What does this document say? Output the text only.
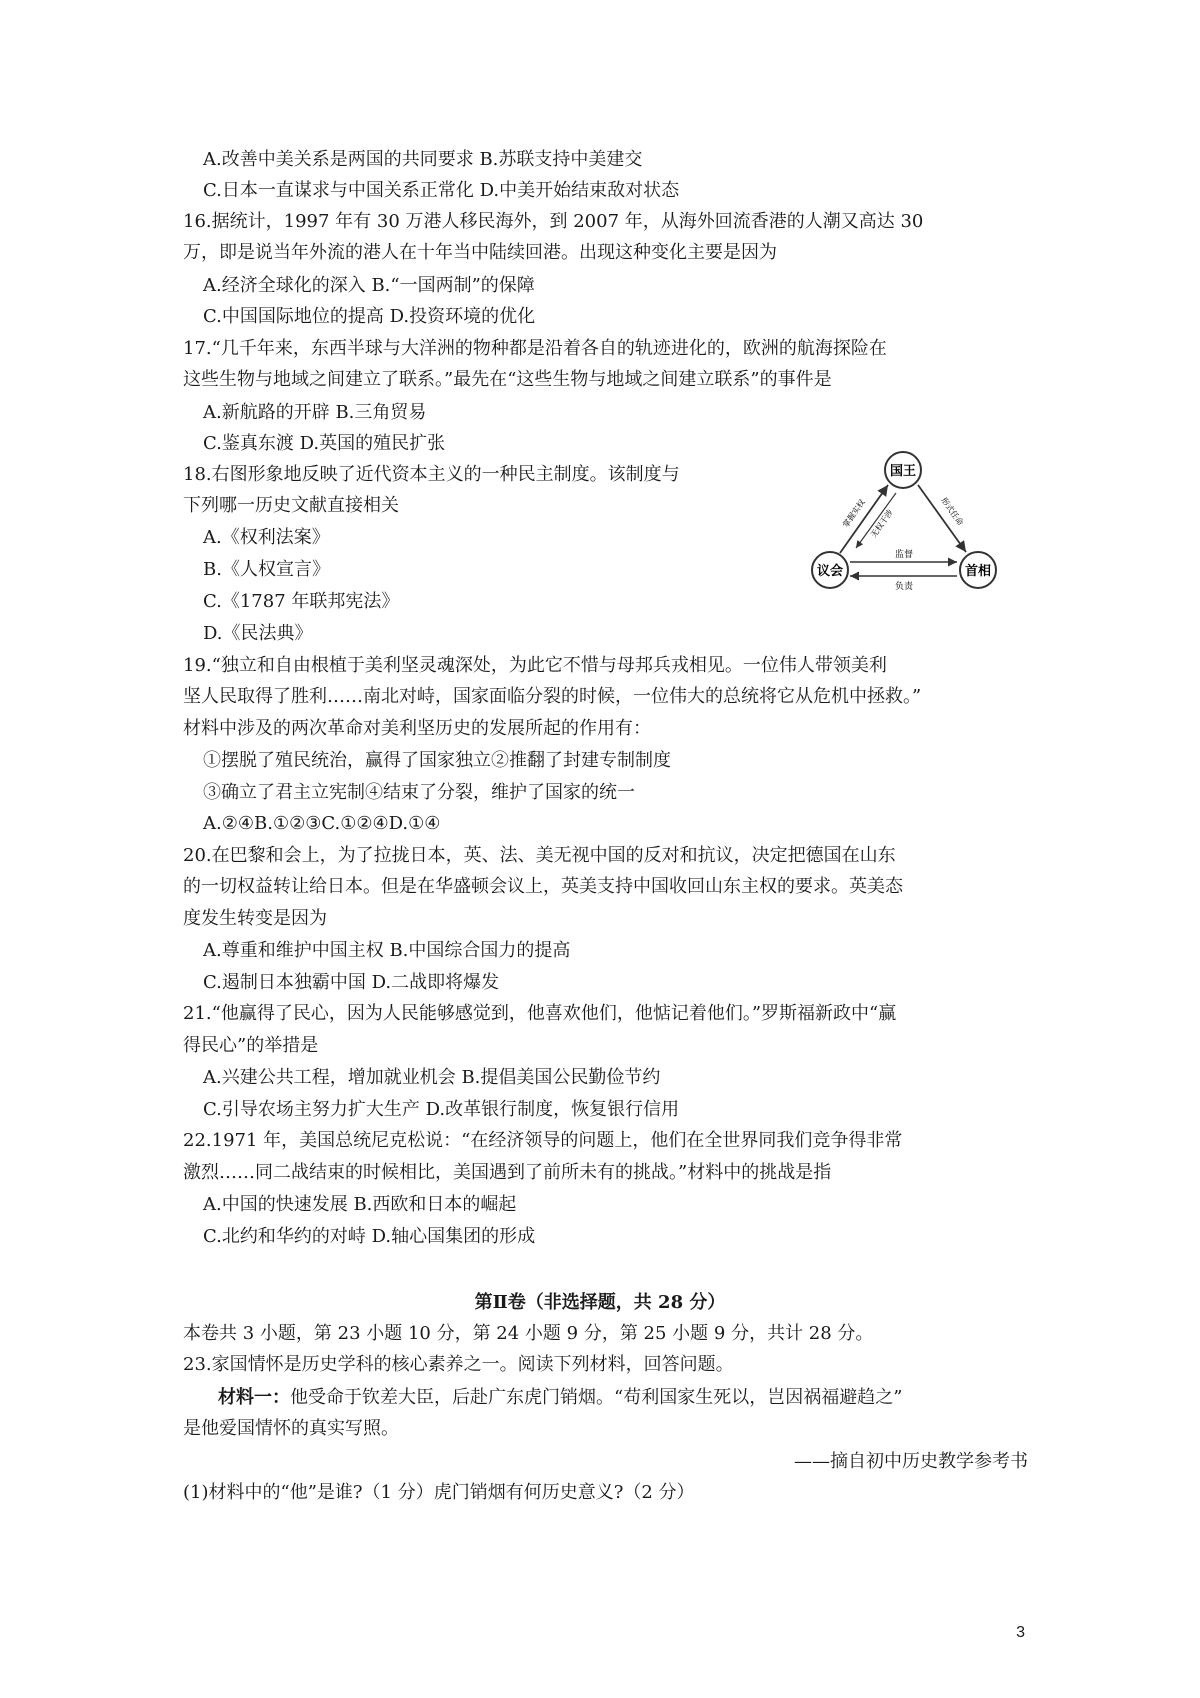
A.改善中美关系是两国的共同要求 B.苏联支持中美建交
C.日本一直谋求与中国关系正常化 D.中美开始结束敌对状态
16.据统计，1997 年有 30 万港人移民海外，到 2007 年，从海外回流香港的人潮又高达 30
万，即是说当年外流的港人在十年当中陆续回港。出现这种变化主要是因为
A.经济全球化的深入 B.“一国两制”的保障
C.中国国际地位的提高 D.投资环境的优化
17.“几千年来，东西半球与大洋洲的物种都是沿着各自的轨迹进化的，欧洲的航海探险在
这些生物与地域之间建立了联系。”最先在“这些生物与地域之间建立联系”的事件是
A.新航路的开辟 B.三角贸易
C.鉴真东渡 D.英国的殖民扩张
18.右图形象地反映了近代资本主义的一种民主制度。该制度与
下列哪一历史文献直接相关
A.《权利法案》
B.《人权宣言》
C.《1787 年联邦宪法》
D.《民法典》
国王
议会	首相
掌握实权	形式任命
无权干涉
监督
负责
19.“独立和自由根植于美利坚灵魂深处，为此它不惜与母邦兵戎相见。一位伟人带领美利
坚人民取得了胜利……南北对峙，国家面临分裂的时候，一位伟大的总统将它从危机中拯救。”
材料中涉及的两次革命对美利坚历史的发展所起的作用有：
①摆脱了殖民统治，赢得了国家独立②推翻了封建专制制度
③确立了君主立宪制④结束了分裂，维护了国家的统一
A.②④B.①②③C.①②④D.①④
20.在巴黎和会上，为了拉拢日本，英、法、美无视中国的反对和抗议，决定把德国在山东
的一切权益转让给日本。但是在华盛顿会议上，英美支持中国收回山东主权的要求。英美态
度发生转变是因为
A.尊重和维护中国主权 B.中国综合国力的提高
C.遏制日本独霸中国 D.二战即将爆发
21.“他赢得了民心，因为人民能够感觉到，他喜欢他们，他惦记着他们。”罗斯福新政中“赢
得民心”的举措是
A.兴建公共工程，增加就业机会 B.提倡美国公民勤俭节约
C.引导农场主努力扩大生产 D.改革银行制度，恢复银行信用
22.1971 年，美国总统尼克松说：“在经济领导的问题上，他们在全世界同我们竞争得非常
激烈……同二战结束的时候相比，美国遇到了前所未有的挑战。”材料中的挑战是指
A.中国的快速发展 B.西欧和日本的崛起
C.北约和华约的对峙 D.轴心国集团的形成
第Ⅱ卷（非选择题，共 28 分）
本卷共 3 小题，第 23 小题 10 分，第 24 小题 9 分，第 25 小题 9 分，共计 28 分。
23.家国情怀是历史学科的核心素养之一。阅读下列材料，回答问题。
材料一：他受命于钦差大臣，后赴广东虎门销烟。“苟利国家生死以，岂因祸福避趋之”
是他爱国情怀的真实写照。
——摘自初中历史教学参考书
(1)材料中的“他”是谁?（1 分）虎门销烟有何历史意义?（2 分）
3
